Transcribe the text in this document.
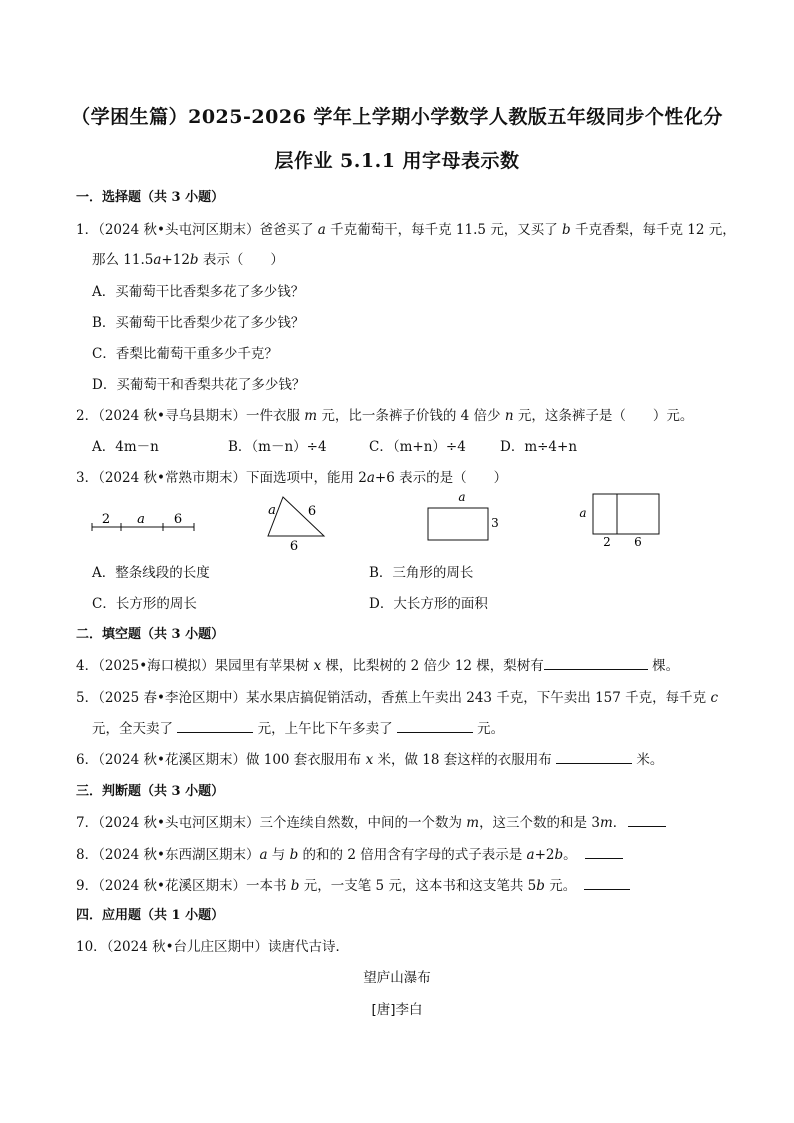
（学困生篇）2025-2026 学年上学期小学数学人教版五年级同步个性化分
层作业 5.1.1 用字母表示数
一．选择题（共 3 小题）
1．（2024 秋•头屯河区期末）爸爸买了 a 千克葡萄干，每千克 11.5 元，又买了 b 千克香梨，每千克 12 元，
那么 11.5a+12b 表示（　　）
A．买葡萄干比香梨多花了多少钱？
B．买葡萄干比香梨少花了多少钱？
C．香梨比葡萄干重多少千克？
D．买葡萄干和香梨共花了多少钱？
2．（2024 秋•寻乌县期末）一件衣服 m 元，比一条裤子价钱的 4 倍少 n 元，这条裤子是（　　）元。
A．4m－n	B．（m－n）÷4	C．（m+n）÷4	D．m÷4+n
3．（2024 秋•常熟市期末）下面选项中，能用 2a+6 表示的是（　　）
2 a 6
a 6
6
a
3
a
2 6
A．整条线段的长度	B．三角形的周长
C．长方形的周长	D．大长方形的面积
二．填空题（共 3 小题）
4．（2025•海口模拟）果园里有苹果树 x 棵，比梨树的 2 倍少 12 棵，梨树有	棵。
5．（2025 春•李沧区期中）某水果店搞促销活动，香蕉上午卖出 243 千克，下午卖出 157 千克，每千克 c
元，全天卖了	元，上午比下午多卖了	元。
6．（2024 秋•花溪区期末）做 100 套衣服用布 x 米，做 18 套这样的衣服用布	米。
三．判断题（共 3 小题）
7．（2024 秋•头屯河区期末）三个连续自然数，中间的一个数为 m，这三个数的和是 3m．
8．（2024 秋•东西湖区期末）a 与 b 的和的 2 倍用含有字母的式子表示是 a+2b。
9．（2024 秋•花溪区期末）一本书 b 元，一支笔 5 元，这本书和这支笔共 5b 元。
四．应用题（共 1 小题）
10．（2024 秋•台儿庄区期中）读唐代古诗．
望庐山瀑布
[唐]李白
